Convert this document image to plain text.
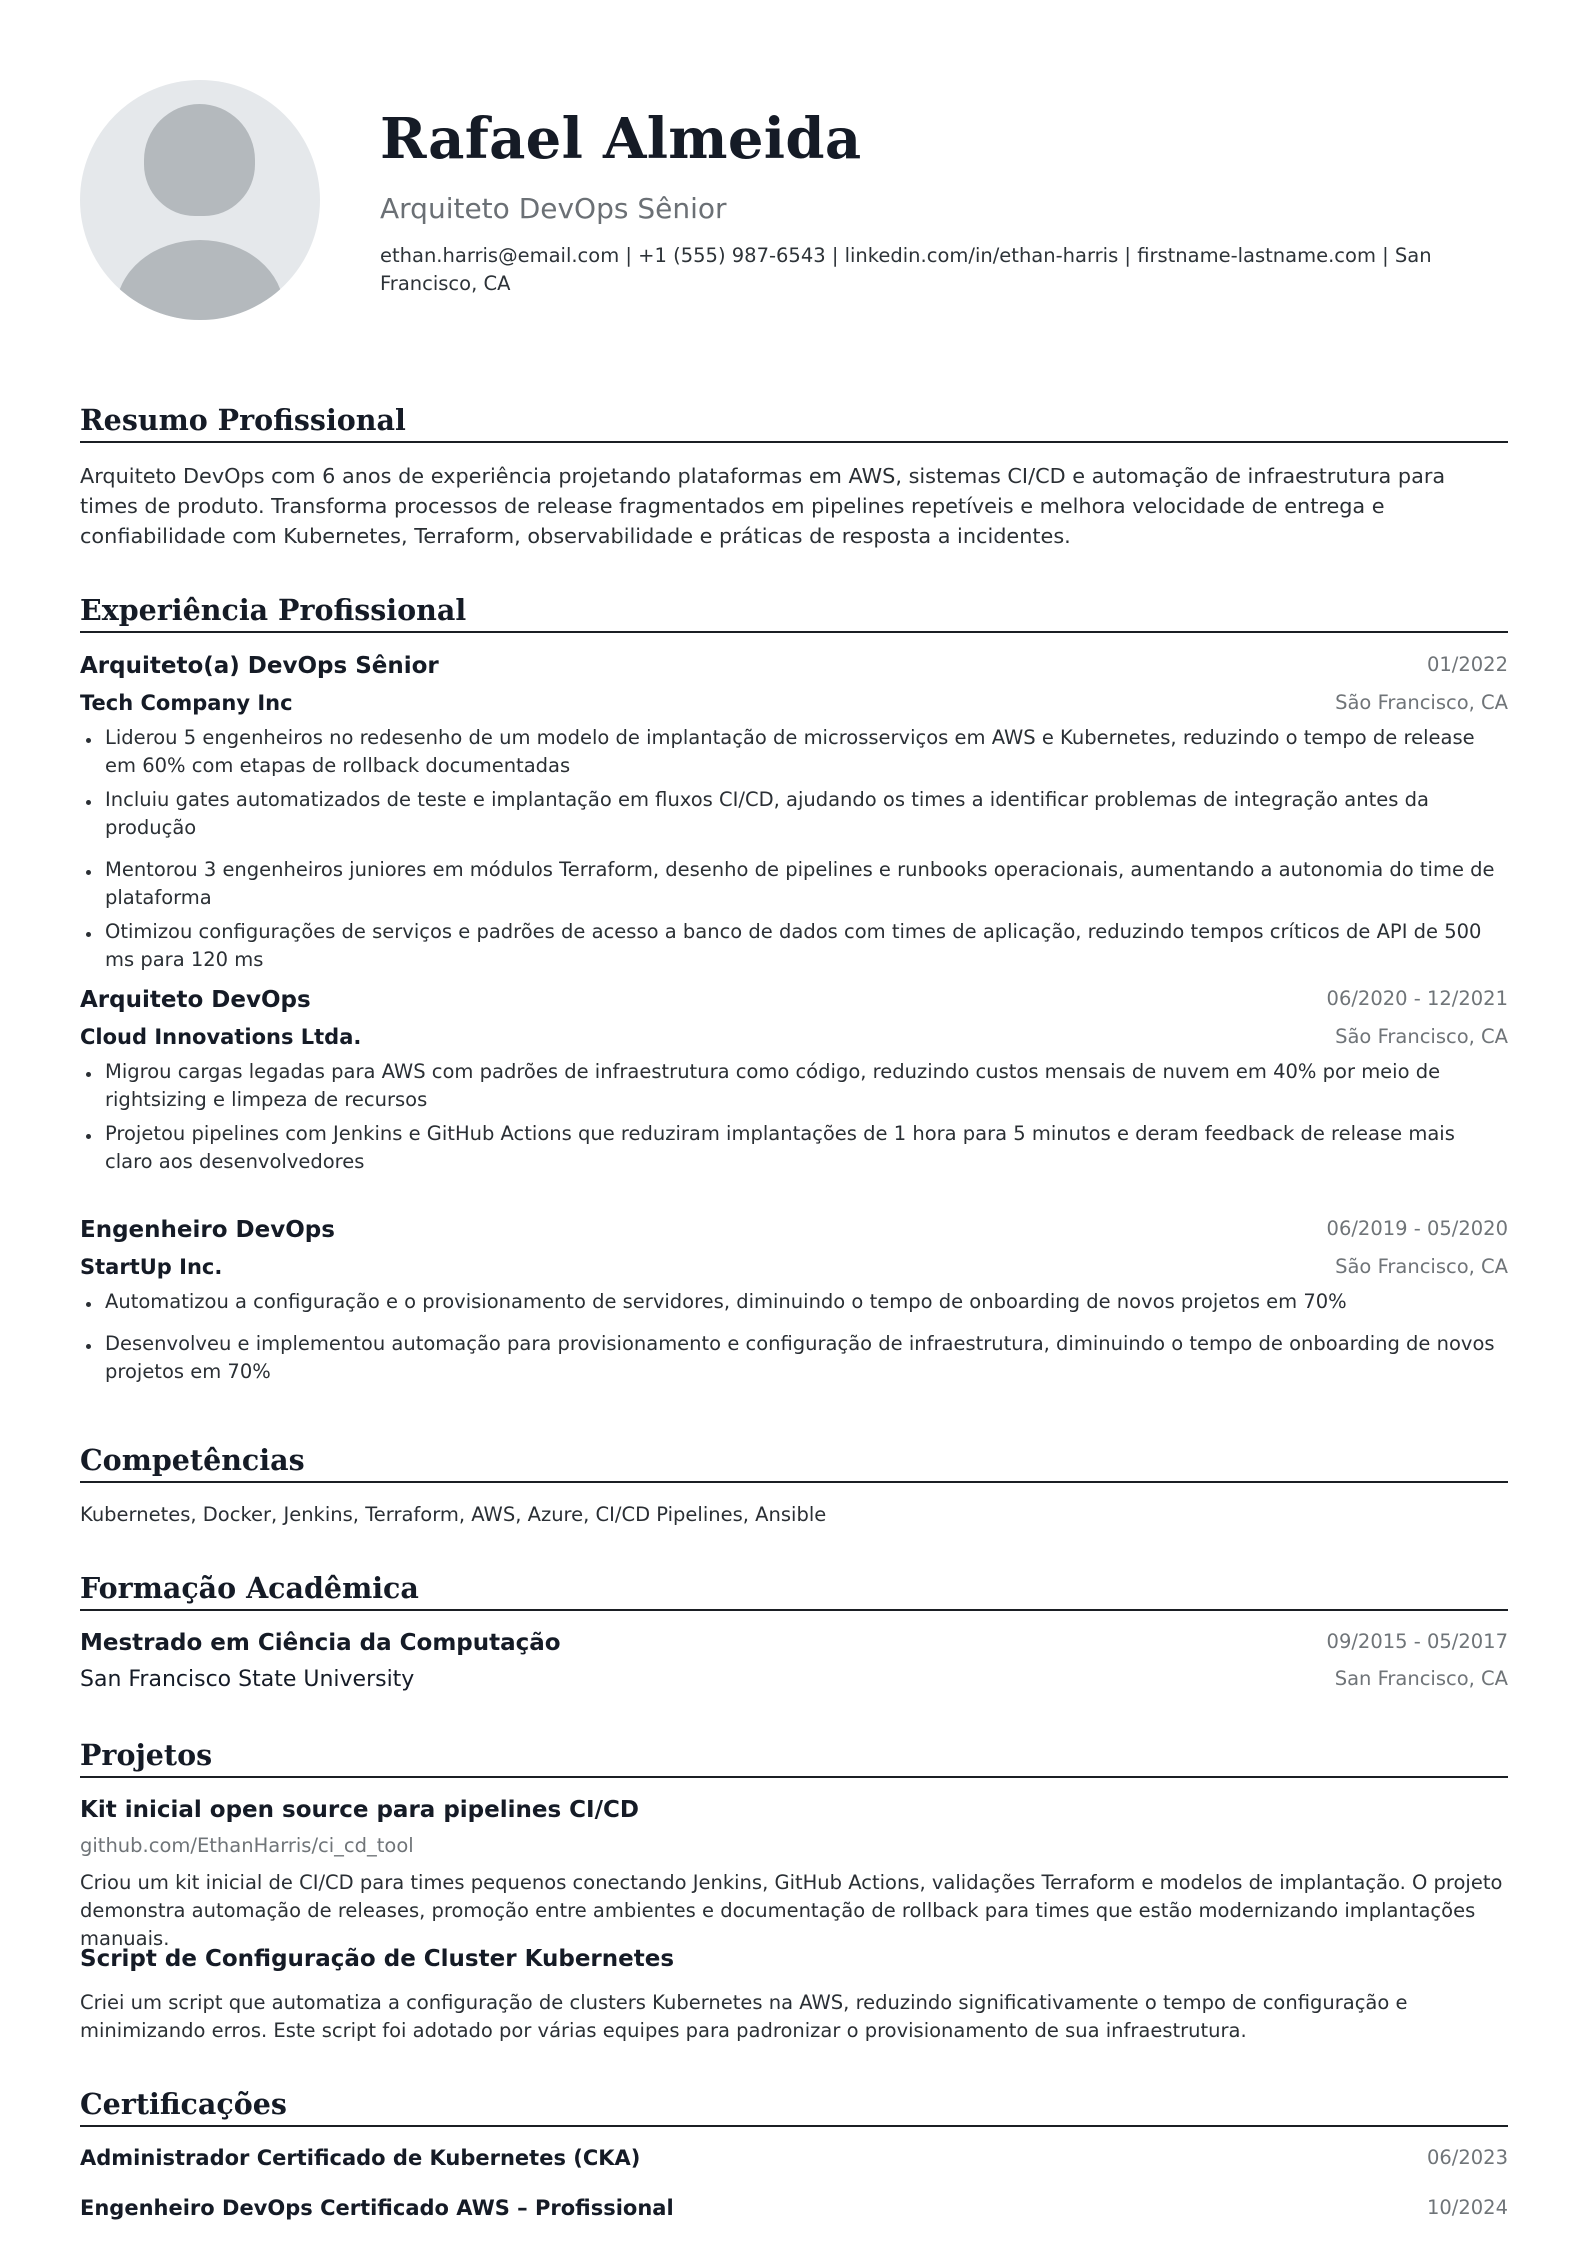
Rafael Almeida
Arquiteto DevOps Sênior
ethan.harris@email.com | +1 (555) 987-6543 | linkedin.com/in/ethan-harris | firstname-lastname.com | San Francisco, CA
Resumo Profissional
Arquiteto DevOps com 6 anos de experiência projetando plataformas em AWS, sistemas CI/CD e automação de infraestrutura para times de produto. Transforma processos de release fragmentados em pipelines repetíveis e melhora velocidade de entrega e confiabilidade com Kubernetes, Terraform, observabilidade e práticas de resposta a incidentes.
Experiência Profissional
Arquiteto(a) DevOps Sênior	01/2022
Tech Company Inc	São Francisco, CA
Liderou 5 engenheiros no redesenho de um modelo de implantação de microsserviços em AWS e Kubernetes, reduzindo o tempo de release em 60% com etapas de rollback documentadas
Incluiu gates automatizados de teste e implantação em fluxos CI/CD, ajudando os times a identificar problemas de integração antes da produção
Mentorou 3 engenheiros juniores em módulos Terraform, desenho de pipelines e runbooks operacionais, aumentando a autonomia do time de plataforma
Otimizou configurações de serviços e padrões de acesso a banco de dados com times de aplicação, reduzindo tempos críticos de API de 500 ms para 120 ms
Arquiteto DevOps	06/2020 - 12/2021
Cloud Innovations Ltda.	São Francisco, CA
Migrou cargas legadas para AWS com padrões de infraestrutura como código, reduzindo custos mensais de nuvem em 40% por meio de rightsizing e limpeza de recursos
Projetou pipelines com Jenkins e GitHub Actions que reduziram implantações de 1 hora para 5 minutos e deram feedback de release mais claro aos desenvolvedores
Engenheiro DevOps	06/2019 - 05/2020
StartUp Inc.	São Francisco, CA
Automatizou a configuração e o provisionamento de servidores, diminuindo o tempo de onboarding de novos projetos em 70%
Desenvolveu e implementou automação para provisionamento e configuração de infraestrutura, diminuindo o tempo de onboarding de novos projetos em 70%
Competências
Kubernetes, Docker, Jenkins, Terraform, AWS, Azure, CI/CD Pipelines, Ansible
Formação Acadêmica
Mestrado em Ciência da Computação	09/2015 - 05/2017
San Francisco State University	San Francisco, CA
Projetos
Kit inicial open source para pipelines CI/CD
github.com/EthanHarris/ci_cd_tool
Criou um kit inicial de CI/CD para times pequenos conectando Jenkins, GitHub Actions, validações Terraform e modelos de implantação. O projeto demonstra automação de releases, promoção entre ambientes e documentação de rollback para times que estão modernizando implantações manuais.
Script de Configuração de Cluster Kubernetes
Criei um script que automatiza a configuração de clusters Kubernetes na AWS, reduzindo significativamente o tempo de configuração e minimizando erros. Este script foi adotado por várias equipes para padronizar o provisionamento de sua infraestrutura.
Certificações
Administrador Certificado de Kubernetes (CKA)	06/2023
Engenheiro DevOps Certificado AWS – Profissional	10/2024
